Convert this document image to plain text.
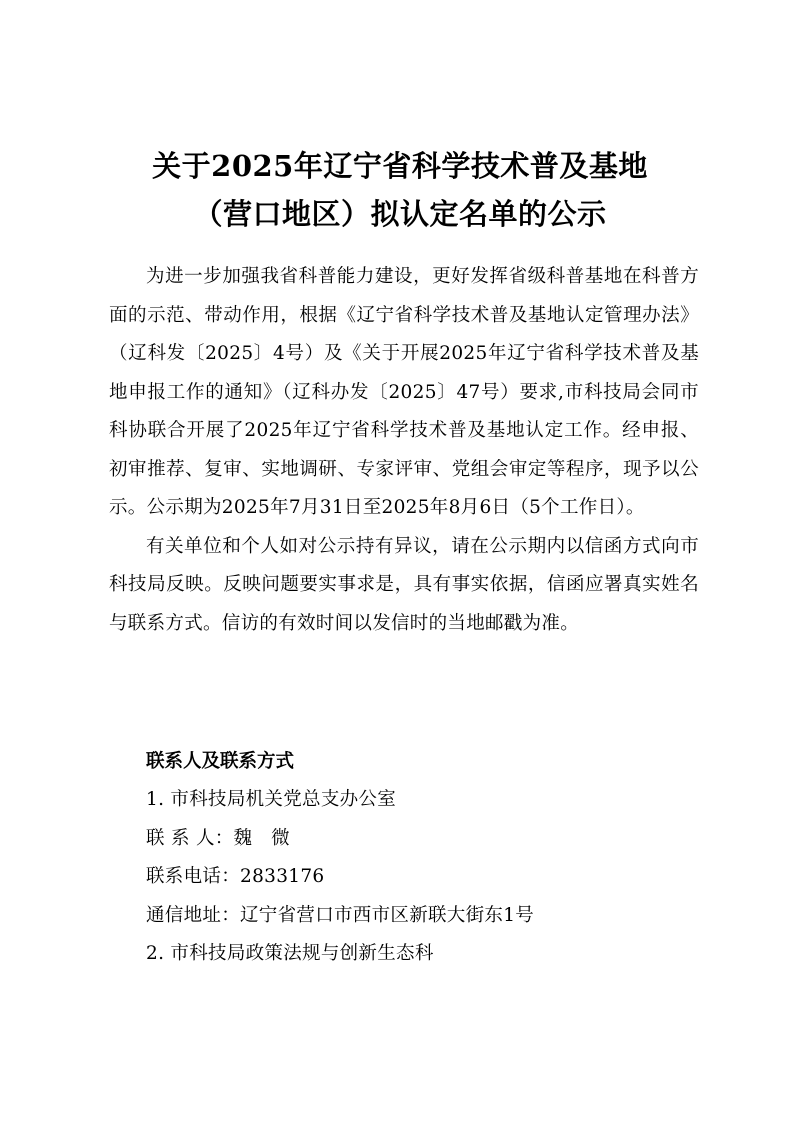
关于2025年辽宁省科学技术普及基地
（营口地区）拟认定名单的公示

为进一步加强我省科普能力建设，更好发挥省级科普基地在科普方面的示范、带动作用，根据《辽宁省科学技术普及基地认定管理办法》（辽科发〔2025〕4号）及《关于开展2025年辽宁省科学技术普及基地申报工作的通知》（辽科办发〔2025〕47号）要求,市科技局会同市科协联合开展了2025年辽宁省科学技术普及基地认定工作。经申报、初审推荐、复审、实地调研、专家评审、党组会审定等程序，现予以公示。公示期为2025年7月31日至2025年8月6日（5个工作日）。

有关单位和个人如对公示持有异议，请在公示期内以信函方式向市科技局反映。反映问题要实事求是，具有事实依据，信函应署真实姓名与联系方式。信访的有效时间以发信时的当地邮戳为准。

联系人及联系方式
1. 市科技局机关党总支办公室
联 系 人：魏　微
联系电话：2833176
通信地址：辽宁省营口市西市区新联大街东1号
2. 市科技局政策法规与创新生态科
